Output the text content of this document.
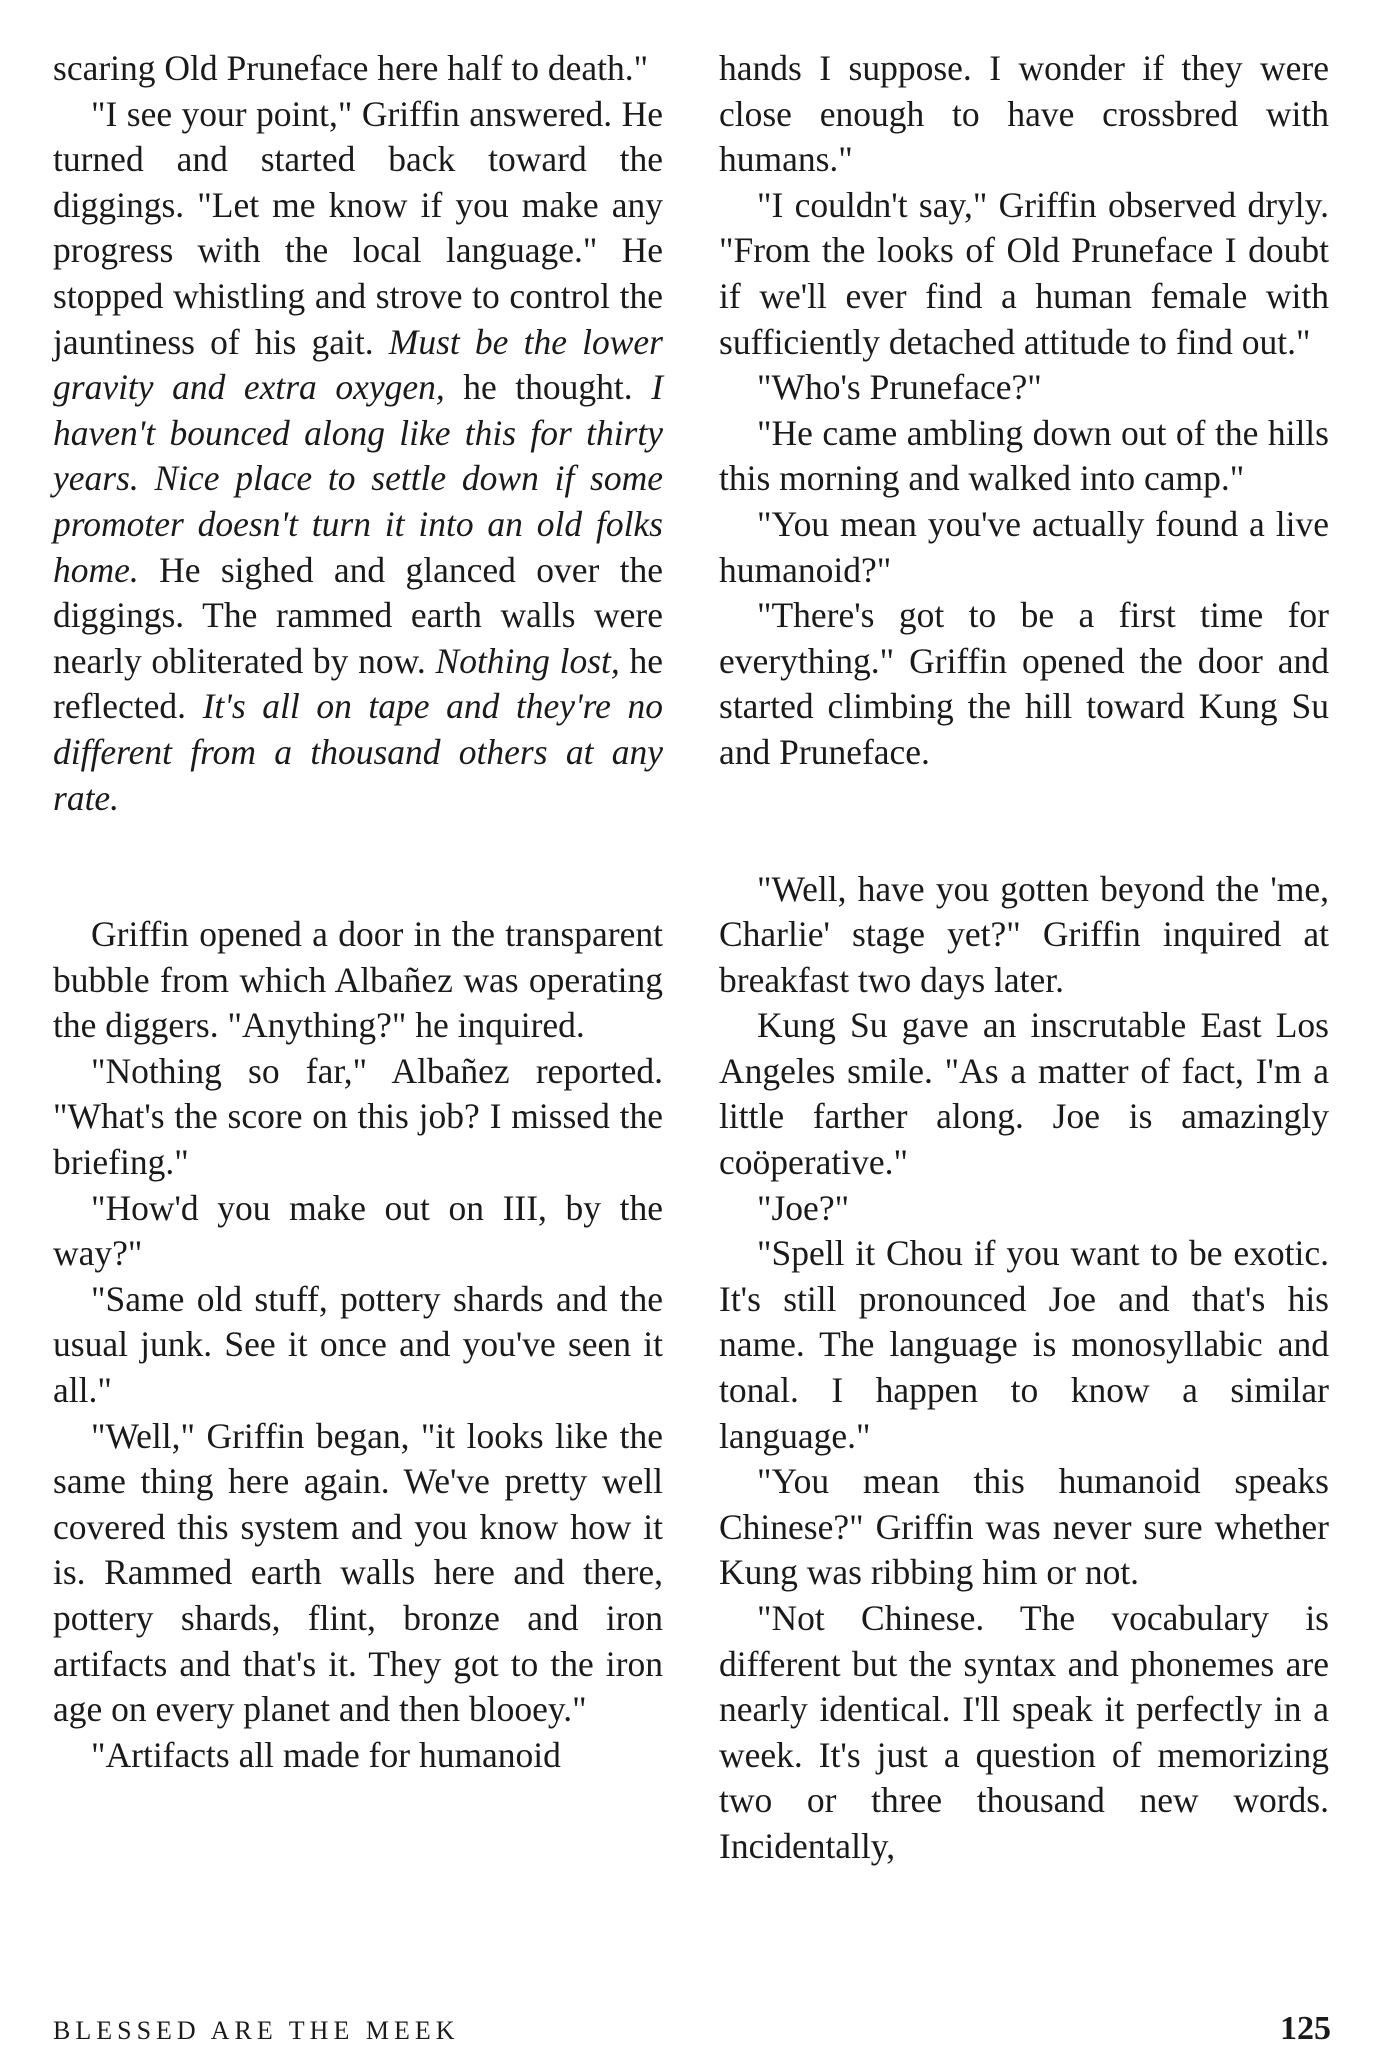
scaring Old Pruneface here half to death."

"I see your point," Griffin answered. He turned and started back toward the diggings. "Let me know if you make any progress with the local language." He stopped whistling and strove to control the jauntiness of his gait. Must be the lower gravity and extra oxygen, he thought. I haven't bounced along like this for thirty years. Nice place to settle down if some promoter doesn't turn it into an old folks home. He sighed and glanced over the diggings. The rammed earth walls were nearly obliterated by now. Nothing lost, he reflected. It's all on tape and they're no different from a thousand others at any rate.

Griffin opened a door in the transparent bubble from which Albañez was operating the diggers. "Anything?" he inquired.

"Nothing so far," Albañez reported. "What's the score on this job? I missed the briefing."

"How'd you make out on III, by the way?"

"Same old stuff, pottery shards and the usual junk. See it once and you've seen it all."

"Well," Griffin began, "it looks like the same thing here again. We've pretty well covered this system and you know how it is. Rammed earth walls here and there, pottery shards, flint, bronze and iron artifacts and that's it. They got to the iron age on every planet and then blooey."

"Artifacts all made for humanoid

hands I suppose. I wonder if they were close enough to have crossbred with humans."

"I couldn't say," Griffin observed dryly. "From the looks of Old Pruneface I doubt if we'll ever find a human female with sufficiently detached attitude to find out."

"Who's Pruneface?"

"He came ambling down out of the hills this morning and walked into camp."

"You mean you've actually found a live humanoid?"

"There's got to be a first time for everything." Griffin opened the door and started climbing the hill toward Kung Su and Pruneface.

"Well, have you gotten beyond the 'me, Charlie' stage yet?" Griffin inquired at breakfast two days later.

Kung Su gave an inscrutable East Los Angeles smile. "As a matter of fact, I'm a little farther along. Joe is amazingly coöperative."

"Joe?"

"Spell it Chou if you want to be exotic. It's still pronounced Joe and that's his name. The language is monosyllabic and tonal. I happen to know a similar language."

"You mean this humanoid speaks Chinese?" Griffin was never sure whether Kung was ribbing him or not.

"Not Chinese. The vocabulary is different but the syntax and phonemes are nearly identical. I'll speak it perfectly in a week. It's just a question of memorizing two or three thousand new words. Incidentally,

BLESSED ARE THE MEEK	125
